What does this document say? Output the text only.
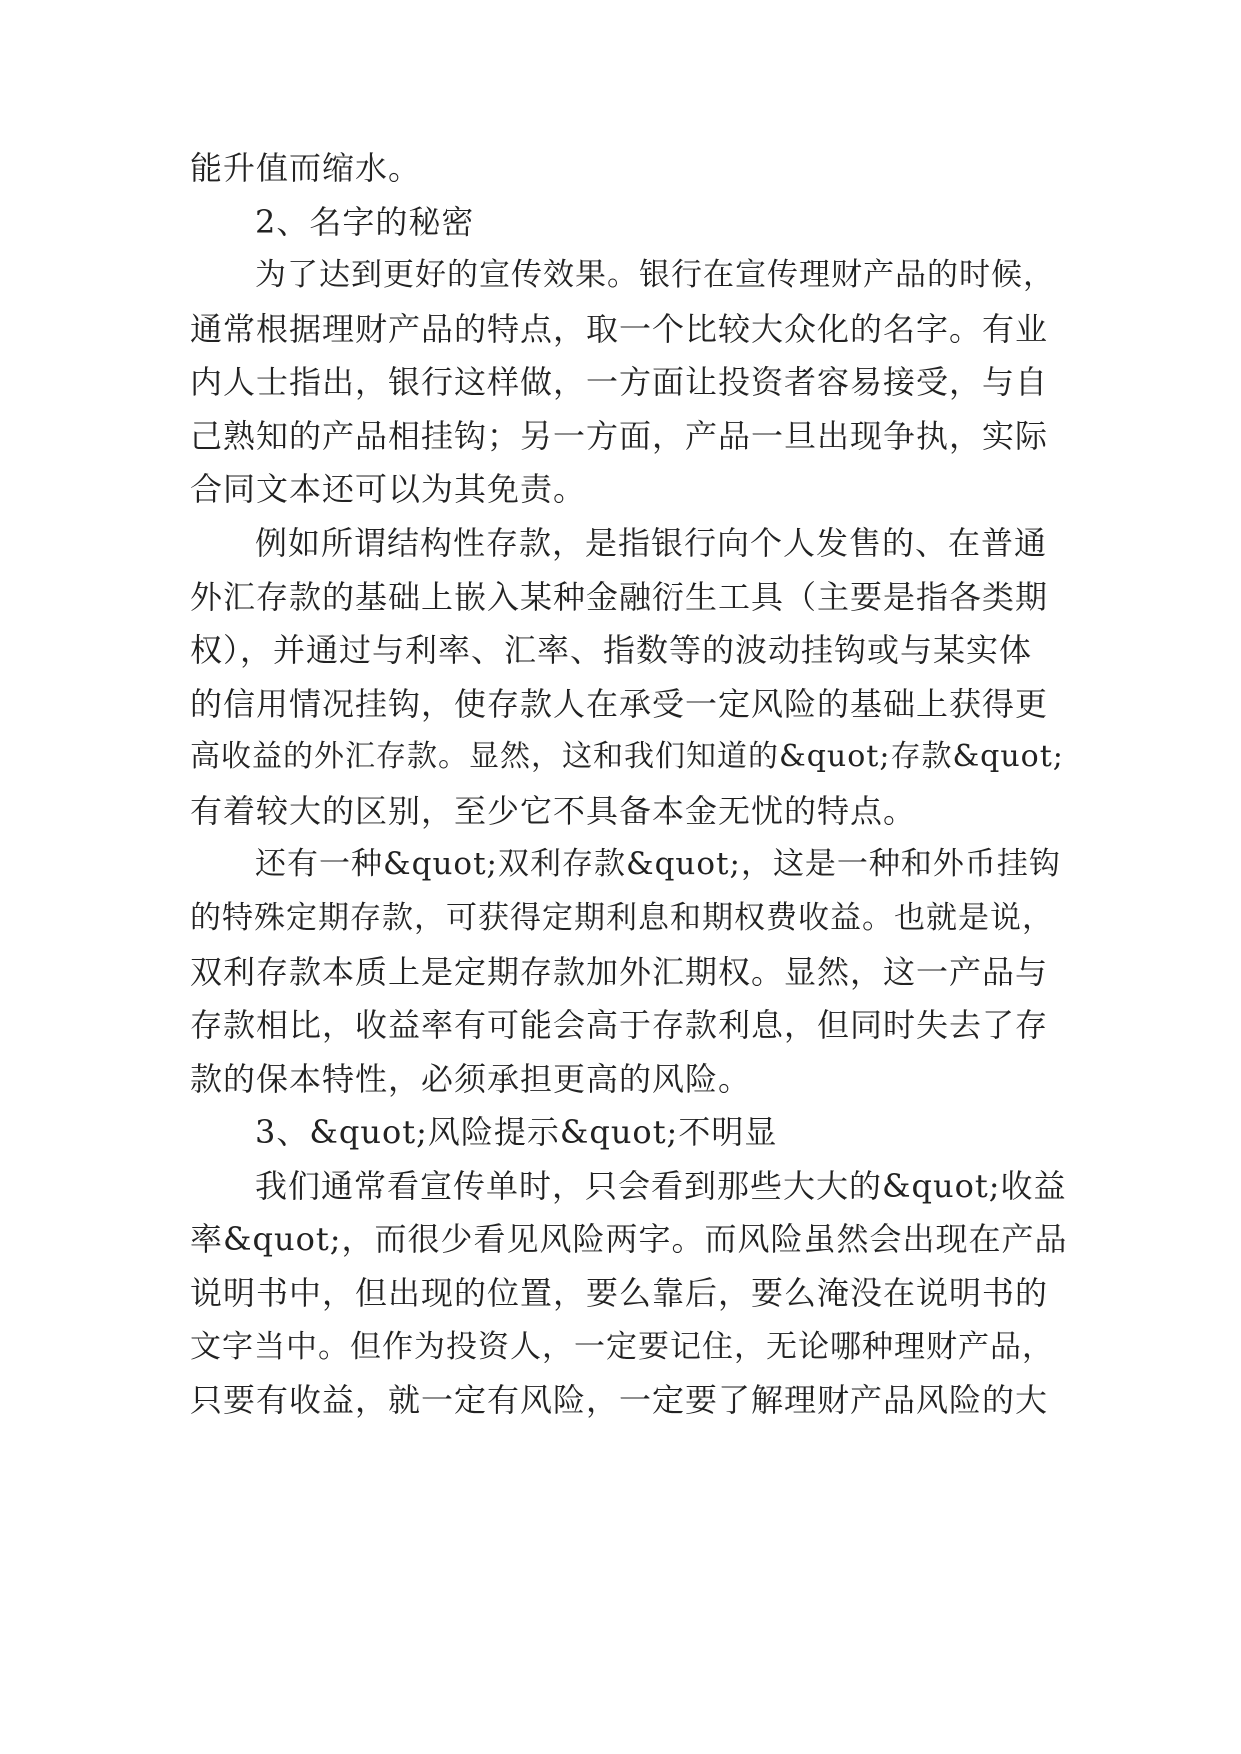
能升值而缩水。

2、名字的秘密

为了达到更好的宣传效果。银行在宣传理财产品的时候，

通常根据理财产品的特点，取一个比较大众化的名字。有业

内人士指出，银行这样做，一方面让投资者容易接受，与自

己熟知的产品相挂钩；另一方面，产品一旦出现争执，实际

合同文本还可以为其免责。

例如所谓结构性存款，是指银行向个人发售的、在普通

外汇存款的基础上嵌入某种金融衍生工具（主要是指各类期

权），并通过与利率、汇率、指数等的波动挂钩或与某实体

的信用情况挂钩，使存款人在承受一定风险的基础上获得更

高收益的外汇存款。显然，这和我们知道的&quot;存款&quot;

有着较大的区别，至少它不具备本金无忧的特点。

还有一种&quot;双利存款&quot;，这是一种和外币挂钩

的特殊定期存款，可获得定期利息和期权费收益。也就是说，

双利存款本质上是定期存款加外汇期权。显然，这一产品与

存款相比，收益率有可能会高于存款利息，但同时失去了存

款的保本特性，必须承担更高的风险。

3、&quot;风险提示&quot;不明显

我们通常看宣传单时，只会看到那些大大的&quot;收益

率&quot;，而很少看见风险两字。而风险虽然会出现在产品

说明书中，但出现的位置，要么靠后，要么淹没在说明书的

文字当中。但作为投资人，一定要记住，无论哪种理财产品，

只要有收益，就一定有风险，一定要了解理财产品风险的大
